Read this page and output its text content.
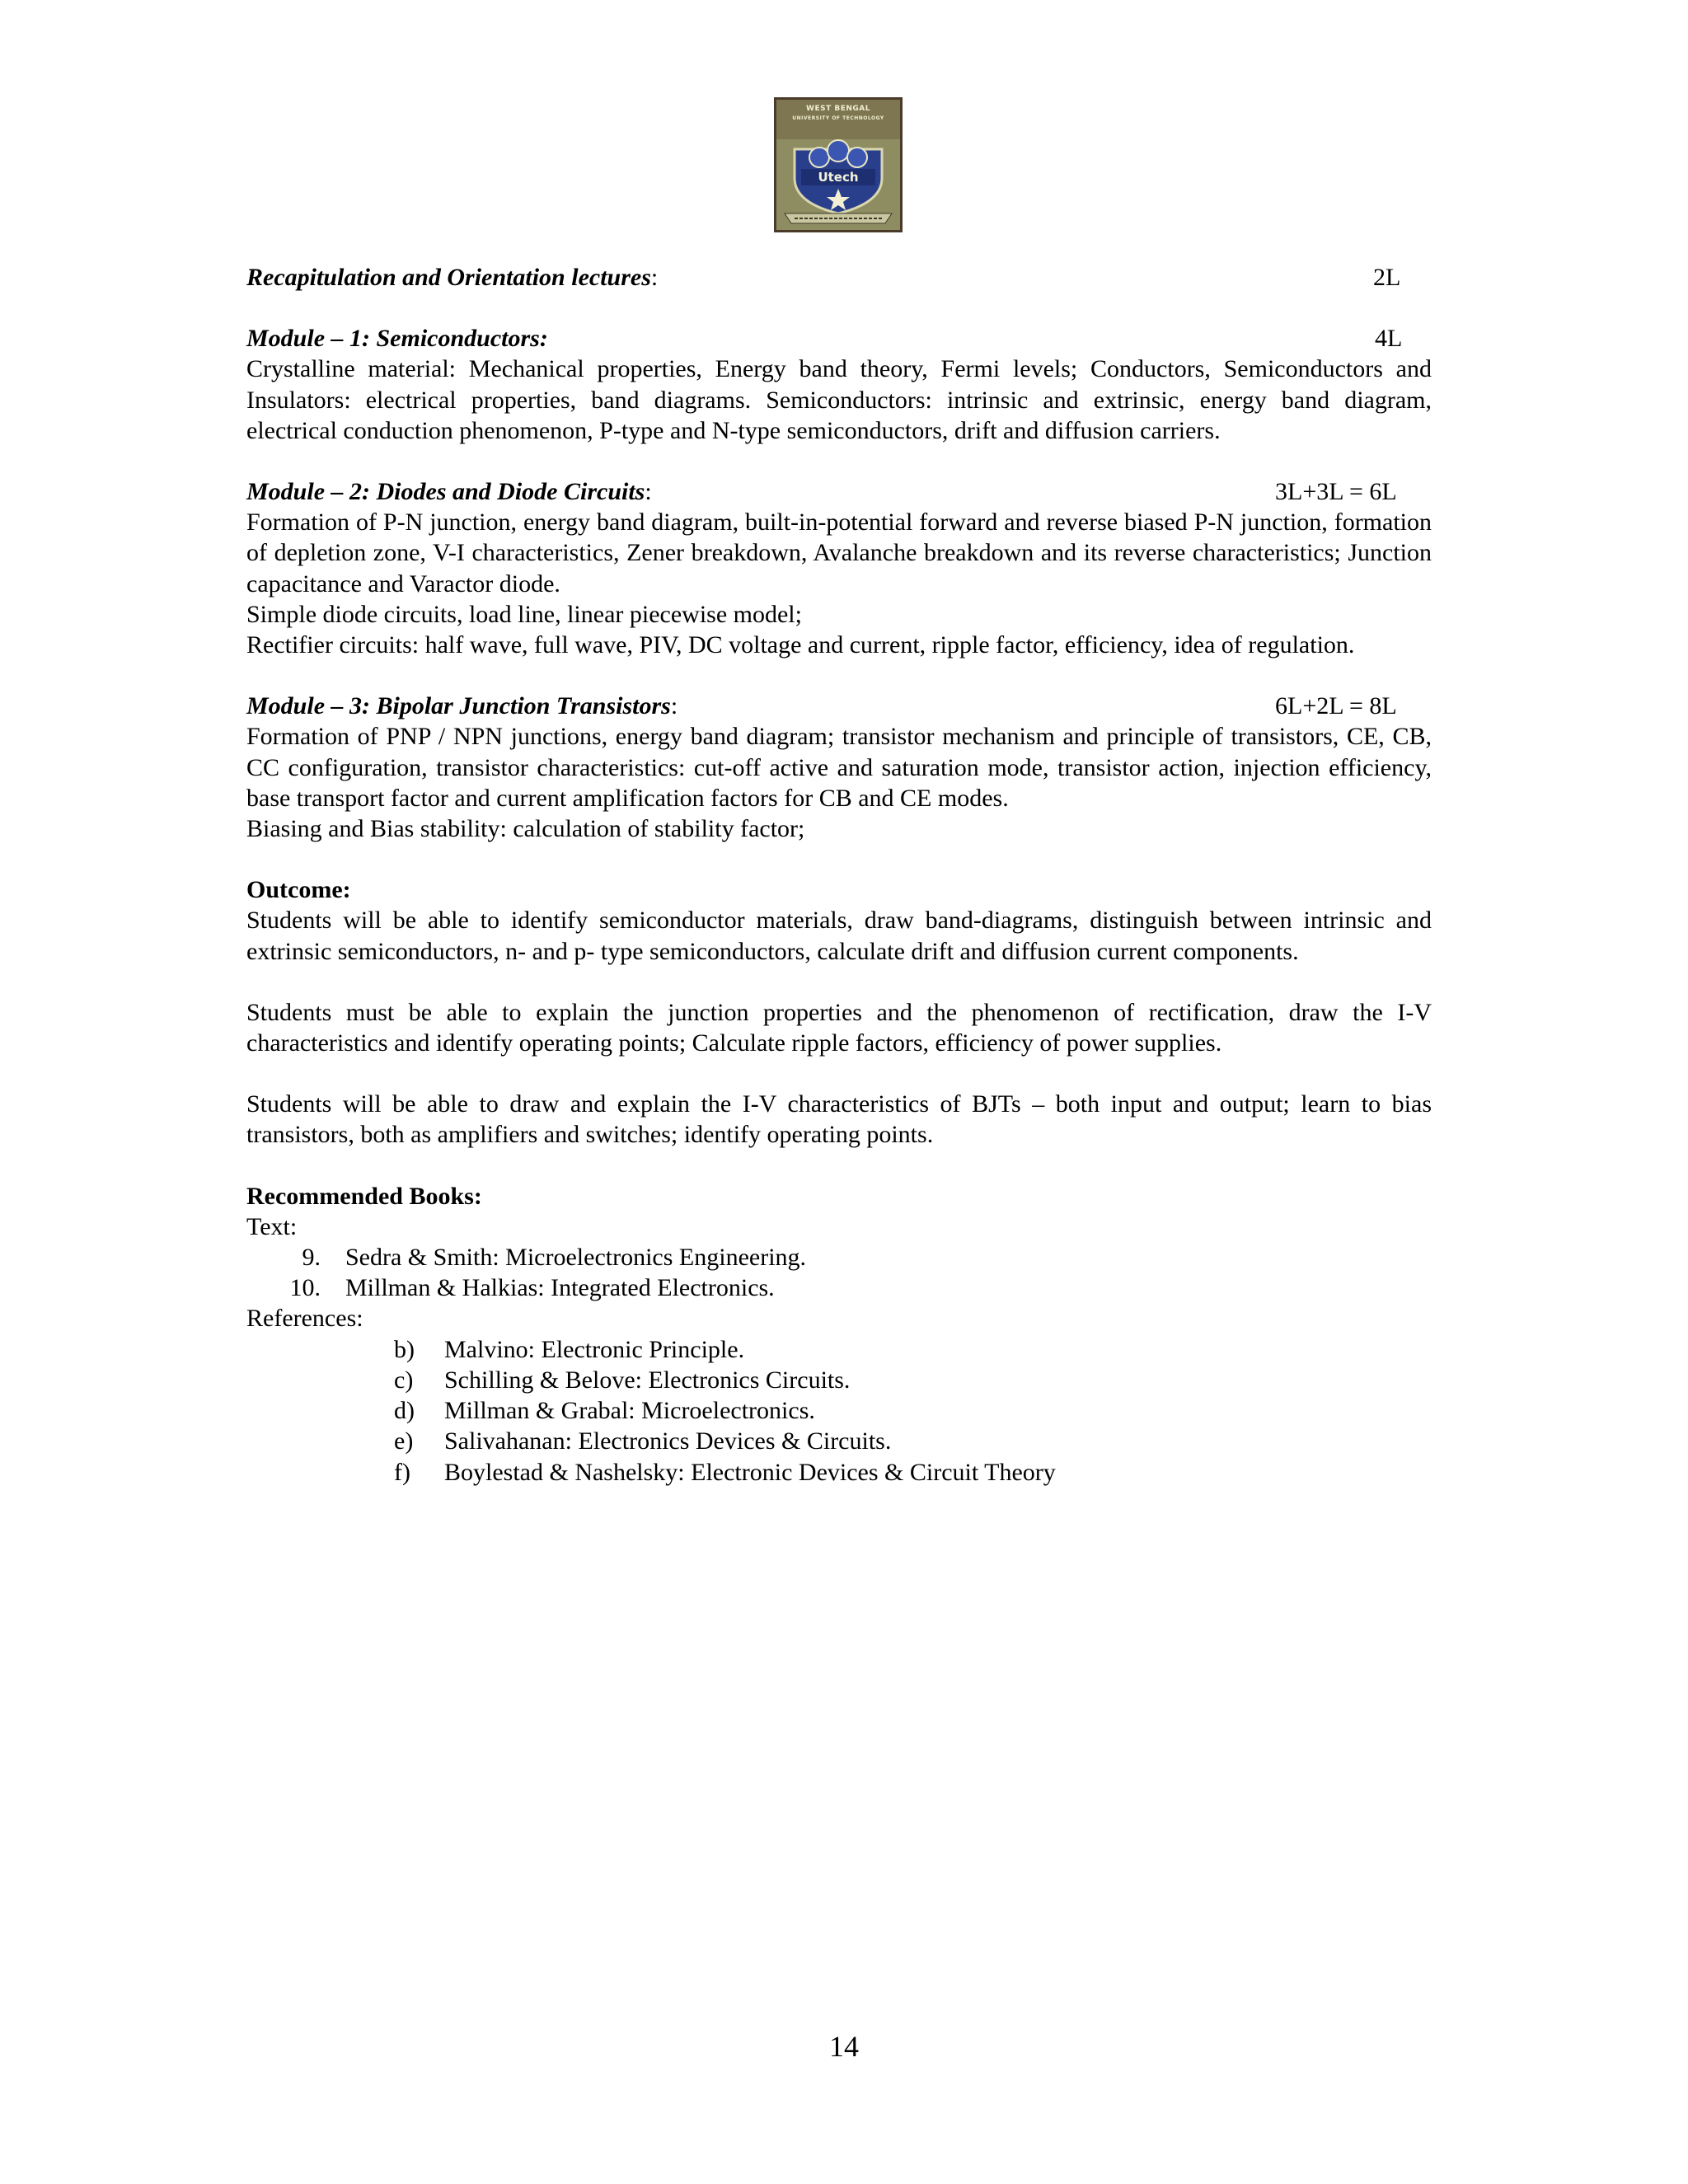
WEST BENGAL
UNIVERSITY OF TECHNOLOGY
Utech
Recapitulation and Orientation lectures:	2L
Module – 1: Semiconductors:	4L
Crystalline material: Mechanical properties, Energy band theory, Fermi levels; Conductors, Semiconductors and Insulators: electrical properties, band diagrams. Semiconductors: intrinsic and extrinsic, energy band diagram, electrical conduction phenomenon, P-type and N-type semiconductors, drift and diffusion carriers.
Module – 2: Diodes and Diode Circuits:	3L+3L = 6L
Formation of P-N junction, energy band diagram, built-in-potential forward and reverse biased P-N junction, formation of depletion zone, V-I characteristics, Zener breakdown, Avalanche breakdown and its reverse characteristics; Junction capacitance and Varactor diode.
Simple diode circuits, load line, linear piecewise model;
Rectifier circuits: half wave, full wave, PIV, DC voltage and current, ripple factor, efficiency, idea of regulation.
Module – 3: Bipolar Junction Transistors:	6L+2L = 8L
Formation of PNP / NPN junctions, energy band diagram; transistor mechanism and principle of transistors, CE, CB, CC configuration, transistor characteristics: cut-off active and saturation mode, transistor action, injection efficiency, base transport factor and current amplification factors for CB and CE modes.
Biasing and Bias stability: calculation of stability factor;
Outcome:
Students will be able to identify semiconductor materials, draw band-diagrams, distinguish between intrinsic and extrinsic semiconductors, n- and p- type semiconductors, calculate drift and diffusion current components.
Students must be able to explain the junction properties and the phenomenon of rectification, draw the I-V characteristics and identify operating points; Calculate ripple factors, efficiency of power supplies.
Students will be able to draw and explain the I-V characteristics of BJTs – both input and output; learn to bias transistors, both as amplifiers and switches; identify operating points.
Recommended Books:
Text:
9. Sedra & Smith: Microelectronics Engineering.
10. Millman & Halkias: Integrated Electronics.
References:
b) Malvino: Electronic Principle.
c) Schilling & Belove: Electronics Circuits.
d) Millman & Grabal: Microelectronics.
e) Salivahanan: Electronics Devices & Circuits.
f)	Boylestad & Nashelsky: Electronic Devices & Circuit Theory
14
